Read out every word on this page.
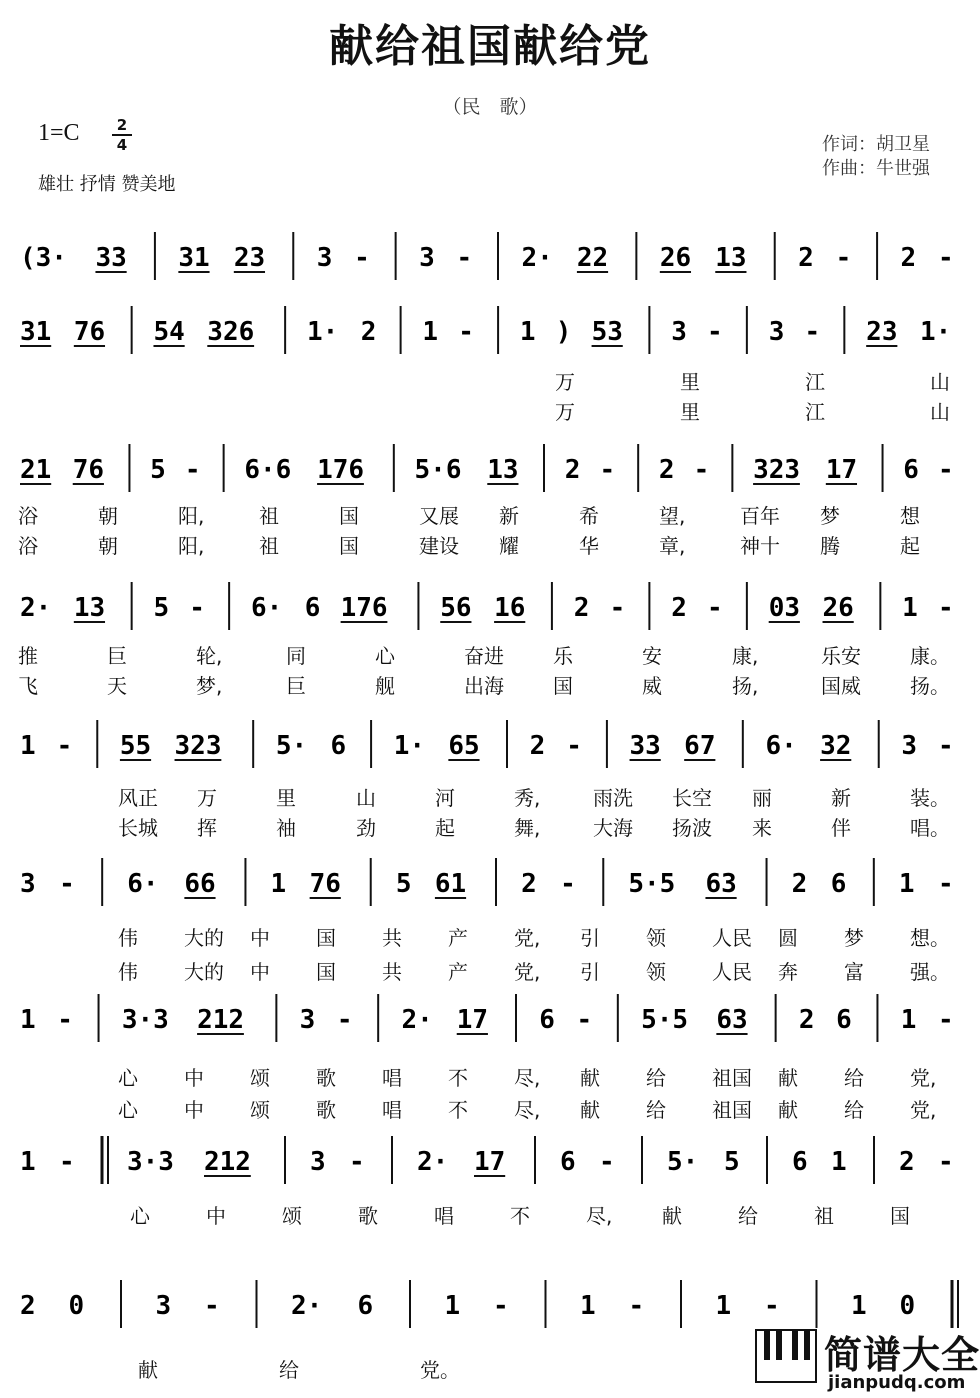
献给祖国献给党
（民　歌）
1=C	2
4
雄壮 抒情 赞美地
作词：胡卫星
作曲：牛世强
(3· 33 31 23 3 - 3 - 2· 22 26 13 2 - 2 -
31 76 54 326 1· 2 1 - 1 ) 53 3 - 3 - 23 1·
21 76 5 - 6·6 176 5·6 13 2 - 2 - 323 17 6 -
2· 13 5 - 6· 6 176 56 16 2 - 2 - 03 26 1 -
1 - 55 323 5· 6 1· 65 2 - 33 67 6· 32 3 -
3 - 6· 66 1 76 5 61 2 - 5·5 63 2 6 1 -
1 - 3·3 212 3 - 2· 17 6 - 5·5 63 2 6 1 -
1 - 3·3 212 3 - 2· 17 6 - 5· 5 6 1 2 -
2 0	3 -	2· 6	1 -	1 -	1 -	1 0
万	里	江	山
万	里	江	山
浴	朝	阳,	祖	国	又展 新	希	望,	百年 梦	想
浴	朝	阳,	祖	国	建设 耀	华	章,	神十 腾	起
推	巨	轮,	同	心	奋进 乐	安	康,	乐安 康。
飞	天	梦,	巨	舰	出海 国	威	扬,	国威 扬。
风正 万	里	山	河	秀,	雨洗 长空 丽	新	装。
长城 挥	袖	劲	起	舞,	大海 扬波 来	伴	唱。
伟 大的 中 国 共 产 党, 引 领 人民 圆 梦 想。
伟 大的 中 国 共 产 党, 引 领 人民 奔 富 强。
心 中 颂 歌 唱 不 尽, 献 给 祖国 献 给 党,
心 中 颂 歌 唱 不 尽, 献 给 祖国 献 给 党,
心	中	颂	歌	唱	不	尽, 献	给	祖	国
献	给	党。	简谱大全
jianpudq.com
